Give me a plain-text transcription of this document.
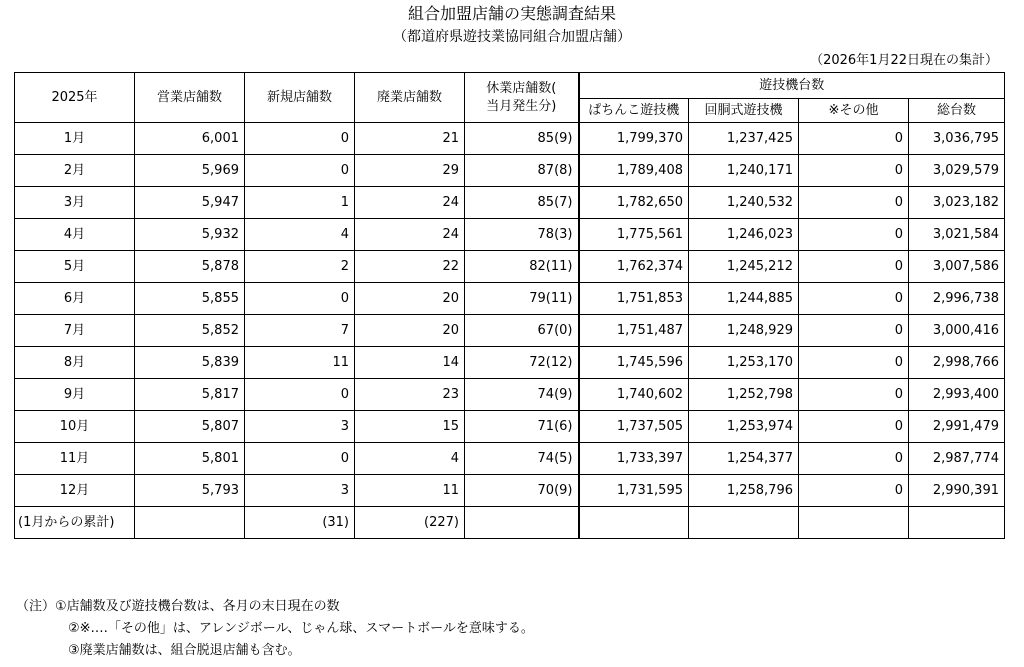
組合加盟店舗の実態調査結果
（都道府県遊技業協同組合加盟店舗）
（2026年1月22日現在の集計）
2025年	営業店舗数	新規店舗数	廃業店舗数	休業店舗数(
当月発生分)	遊技機台数			
					ぱちんこ遊技機	回胴式遊技機	※その他	総台数
1月	6,001	0	21	85(9)	1,799,370	1,237,425	0	3,036,795
2月	5,969	0	29	87(8)	1,789,408	1,240,171	0	3,029,579
3月	5,947	1	24	85(7)	1,782,650	1,240,532	0	3,023,182
4月	5,932	4	24	78(3)	1,775,561	1,246,023	0	3,021,584
5月	5,878	2	22	82(11)	1,762,374	1,245,212	0	3,007,586
6月	5,855	0	20	79(11)	1,751,853	1,244,885	0	2,996,738
7月	5,852	7	20	67(0)	1,751,487	1,248,929	0	3,000,416
8月	5,839	11	14	72(12)	1,745,596	1,253,170	0	2,998,766
9月	5,817	0	23	74(9)	1,740,602	1,252,798	0	2,993,400
10月	5,807	3	15	71(6)	1,737,505	1,253,974	0	2,991,479
11月	5,801	0	4	74(5)	1,733,397	1,254,377	0	2,987,774
12月	5,793	3	11	70(9)	1,731,595	1,258,796	0	2,990,391
(1月からの累計)		(31)	(227)					
（注）①店舗数及び遊技機台数は、各月の末日現在の数
②※‥‥「その他」は、アレンジボール、じゃん球、スマートボールを意味する。
③廃業店舗数は、組合脱退店舗も含む。
